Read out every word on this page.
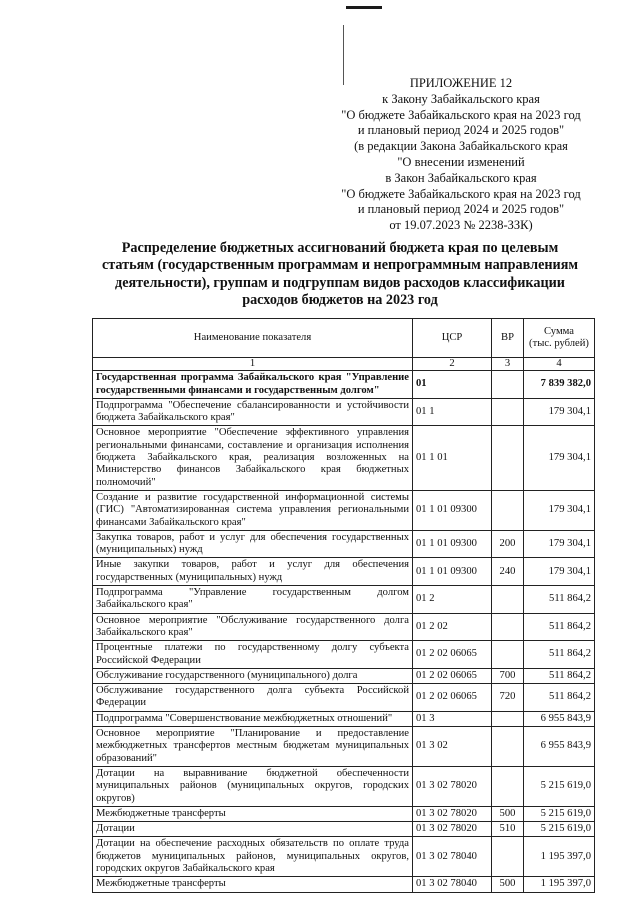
ПРИЛОЖЕНИЕ 12
к Закону Забайкальского края
"О бюджете Забайкальского края на 2023 год
и плановый период 2024 и 2025 годов"
(в редакции Закона Забайкальского края
"О внесении изменений
в Закон Забайкальского края
"О бюджете Забайкальского края на 2023 год
и плановый период 2024 и 2025 годов"
от 19.07.2023 № 2238-ЗЗК)
Распределение бюджетных ассигнований бюджета края по целевым
статьям (государственным программам и непрограммным направлениям
деятельности), группам и подгруппам видов расходов классификации
расходов бюджетов на 2023 год
Наименование показателя	ЦСР	ВР	Сумма
(тыс. рублей)

1	2	3	4
Государственная программа Забайкальского края "Управление государственными финансами и государственным долгом"	01		7 839 382,0
Подпрограмма "Обеспечение сбалансированности и устойчивости бюджета Забайкальского края"	01 1		179 304,1
Основное мероприятие "Обеспечение эффективного управления региональными финансами, составление и организация исполнения бюджета Забайкальского края, реализация возложенных на Министерство финансов Забайкальского края бюджетных полномочий"	01 1 01		179 304,1
Создание и развитие государственной информационной системы (ГИС) "Автоматизированная система управления региональными финансами Забайкальского края"	01 1 01 09300		179 304,1
Закупка товаров, работ и услуг для обеспечения государственных (муниципальных) нужд	01 1 01 09300	200	179 304,1
Иные закупки товаров, работ и услуг для обеспечения государственных (муниципальных) нужд	01 1 01 09300	240	179 304,1
Подпрограмма "Управление государственным долгом Забайкальского края"	01 2		511 864,2
Основное мероприятие "Обслуживание государственного долга Забайкальского края"	01 2 02		511 864,2
Процентные платежи по государственному долгу субъекта Российской Федерации	01 2 02 06065		511 864,2
Обслуживание государственного (муниципального) долга	01 2 02 06065	700	511 864,2
Обслуживание государственного долга субъекта Российской Федерации	01 2 02 06065	720	511 864,2
Подпрограмма "Совершенствование межбюджетных отношений"	01 3		6 955 843,9
Основное мероприятие "Планирование и предоставление межбюджетных трансфертов местным бюджетам муниципальных образований"	01 3 02		6 955 843,9
Дотации на выравнивание бюджетной обеспеченности муниципальных районов (муниципальных округов, городских округов)	01 3 02 78020		5 215 619,0
Межбюджетные трансферты	01 3 02 78020	500	5 215 619,0
Дотации	01 3 02 78020	510	5 215 619,0
Дотации на обеспечение расходных обязательств по оплате труда бюджетов муниципальных районов, муниципальных округов, городских округов Забайкальского края	01 3 02 78040		1 195 397,0
Межбюджетные трансферты	01 3 02 78040	500	1 195 397,0
